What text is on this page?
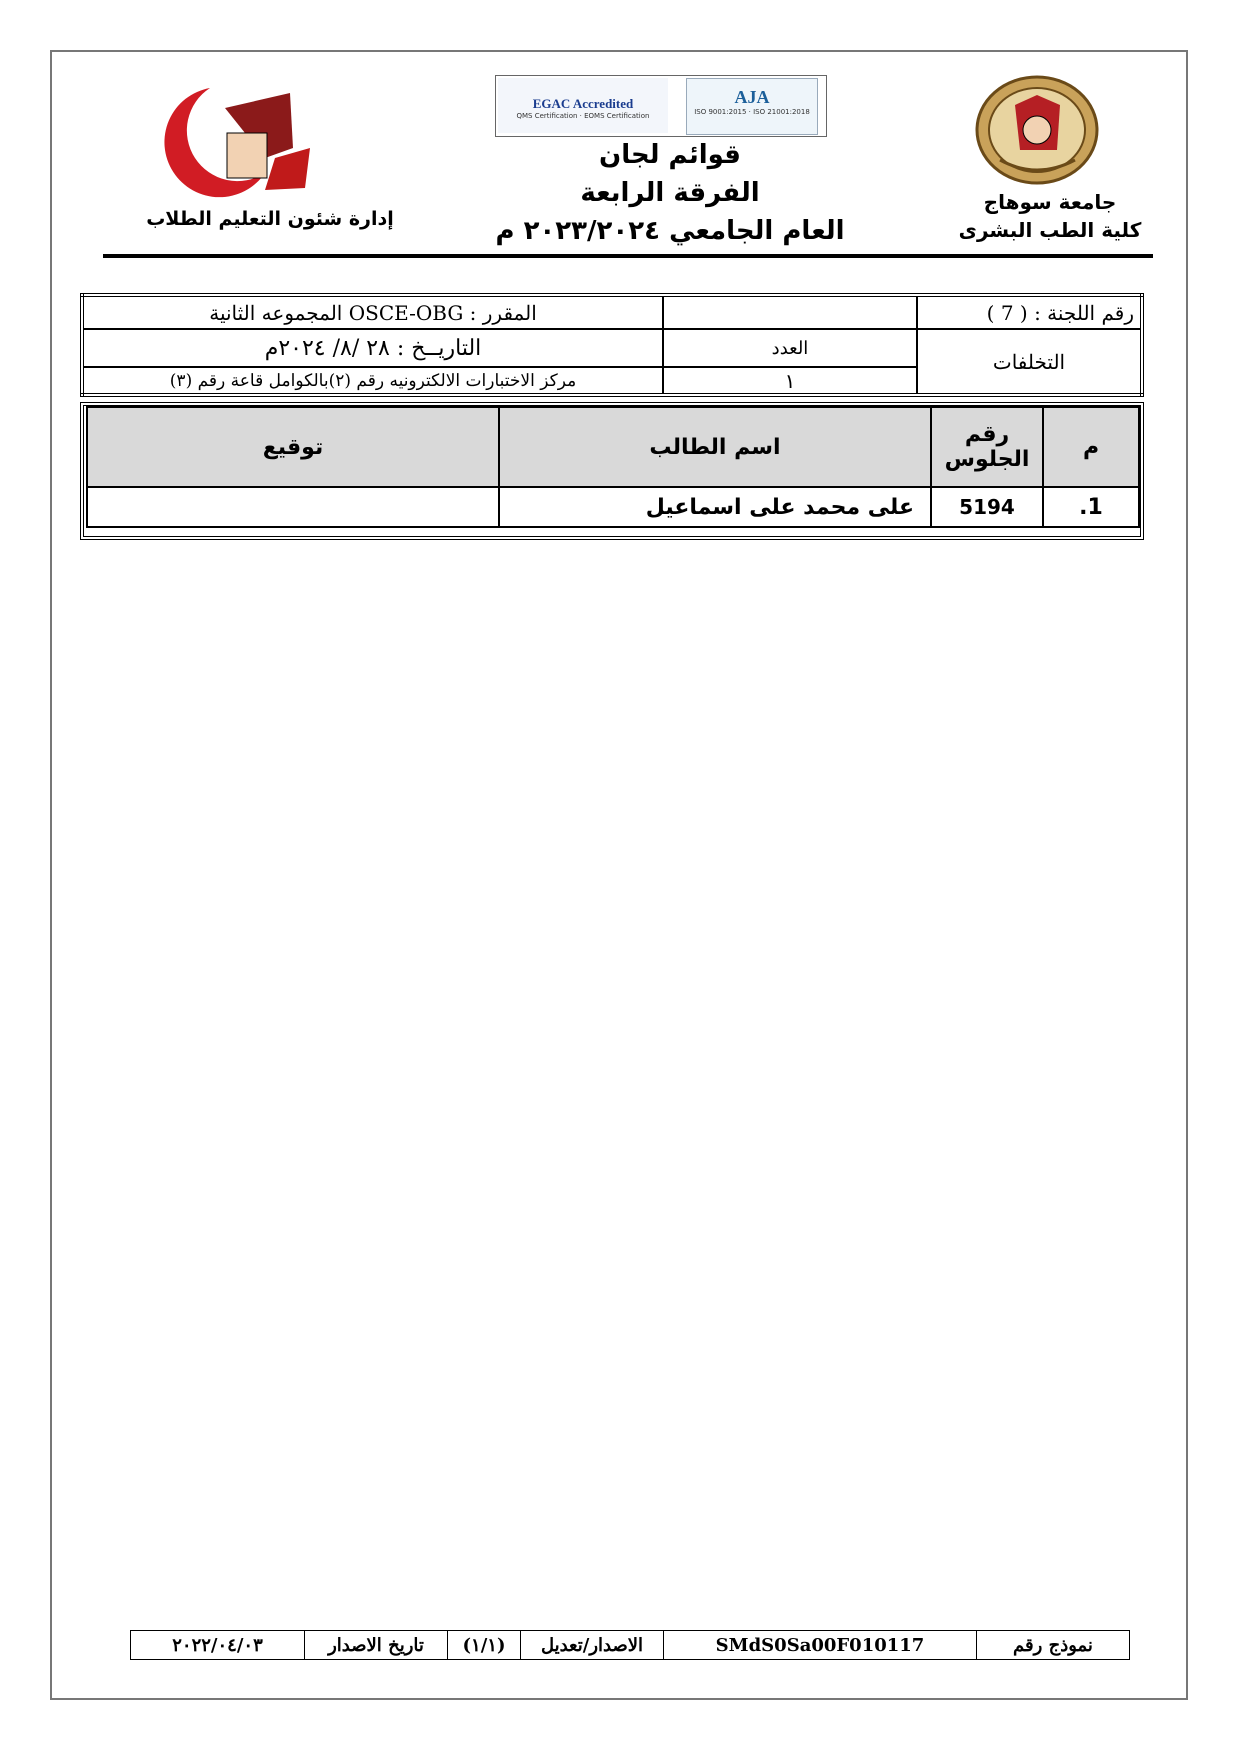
EGAC Accredited
QMS Certification · EOMS Certification
AJA
ISO 9001:2015 · ISO 21001:2018
قوائم لجان
الفرقة الرابعة
العام الجامعي ٢٠٢٣/٢٠٢٤ م
جامعة سوهاج
كلية الطب البشرى
إدارة شئون التعليم الطلاب
رقم اللجنة : ( 7 )		المقرر : OSCE-OBG المجموعه الثانية
التخلفات	العدد	التاريــخ : ٢٨ /٨/ ٢٠٢٤م
	١	مركز الاختبارات الالكترونيه رقم (٢)بالكوامل قاعة رقم (٣)
م	رقم الجلوس	اسم الطالب	توقيع
1.	5194	على محمد على اسماعيل	
نموذج رقم	SMdS0Sa00F010117	الاصدار/تعديل	(١/١)	تاريخ الاصدار	٢٠٢٢/٠٤/٠٣
